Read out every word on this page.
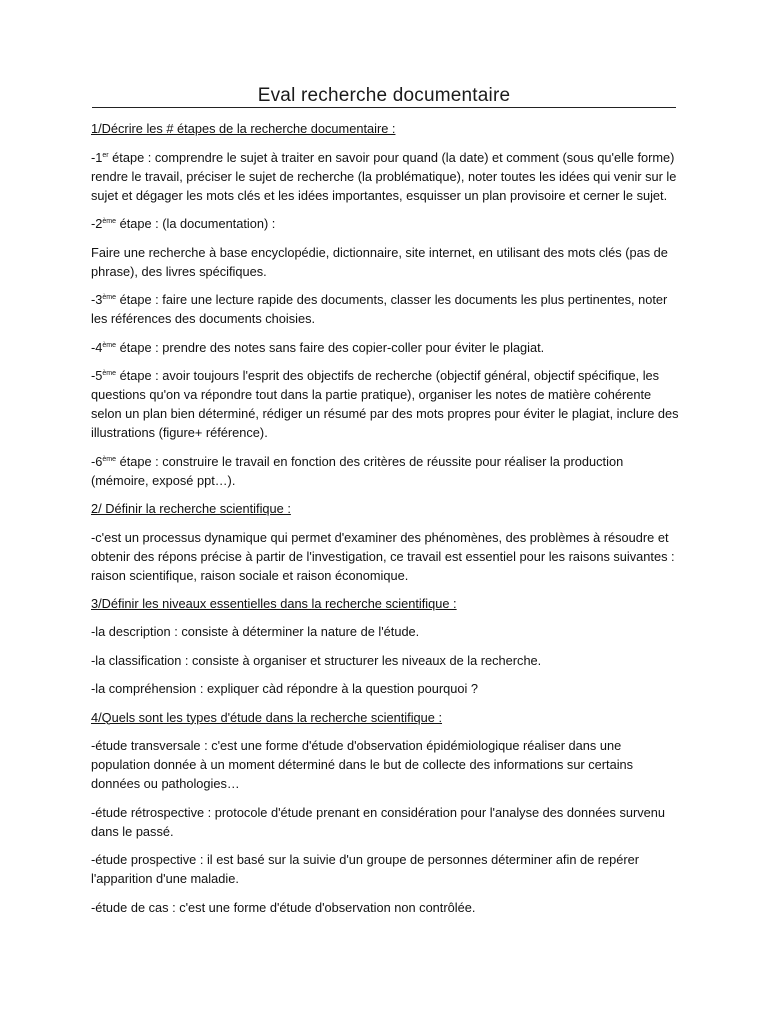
Eval recherche documentaire

1/Décrire les # étapes de la recherche documentaire :

-1er étape : comprendre le sujet à traiter en savoir pour quand (la date) et comment (sous qu'elle forme) rendre le travail, préciser le sujet de recherche (la problématique), noter toutes les idées qui venir sur le sujet et dégager les mots clés et les idées importantes, esquisser un plan provisoire et cerner le sujet.

-2ème étape : (la documentation) :

Faire une recherche à base encyclopédie, dictionnaire, site internet, en utilisant des mots clés (pas de phrase), des livres spécifiques.

-3ème étape : faire une lecture rapide des documents, classer les documents les plus pertinentes, noter les références des documents choisies.

-4ème étape : prendre des notes sans faire des copier-coller pour éviter le plagiat.

-5ème étape : avoir toujours l'esprit des objectifs de recherche (objectif général, objectif spécifique, les questions qu'on va répondre tout dans la partie pratique), organiser les notes de matière cohérente selon un plan bien déterminé, rédiger un résumé par des mots propres pour éviter le plagiat, inclure des illustrations (figure+ référence).

-6ème étape : construire le travail en fonction des critères de réussite pour réaliser la production (mémoire, exposé ppt…).

2/ Définir la recherche scientifique :

-c'est un processus dynamique qui permet d'examiner des phénomènes, des problèmes à résoudre et obtenir des répons précise à partir de l'investigation, ce travail est essentiel pour les raisons suivantes : raison scientifique, raison sociale et raison économique.

3/Définir les niveaux essentielles dans la recherche scientifique :

-la description : consiste à déterminer la nature de l'étude.

-la classification : consiste à organiser et structurer les niveaux de la recherche.

-la compréhension : expliquer càd répondre à la question pourquoi ?

4/Quels sont les types d'étude dans la recherche scientifique :

-étude transversale : c'est une forme d'étude d'observation épidémiologique réaliser dans une population donnée à un moment déterminé dans le but de collecte des informations sur certains données ou pathologies…

-étude rétrospective : protocole d'étude prenant en considération pour l'analyse des données survenu dans le passé.

-étude prospective : il est basé sur la suivie d'un groupe de personnes déterminer afin de repérer l'apparition d'une maladie.

-étude de cas : c'est une forme d'étude d'observation non contrôlée.
